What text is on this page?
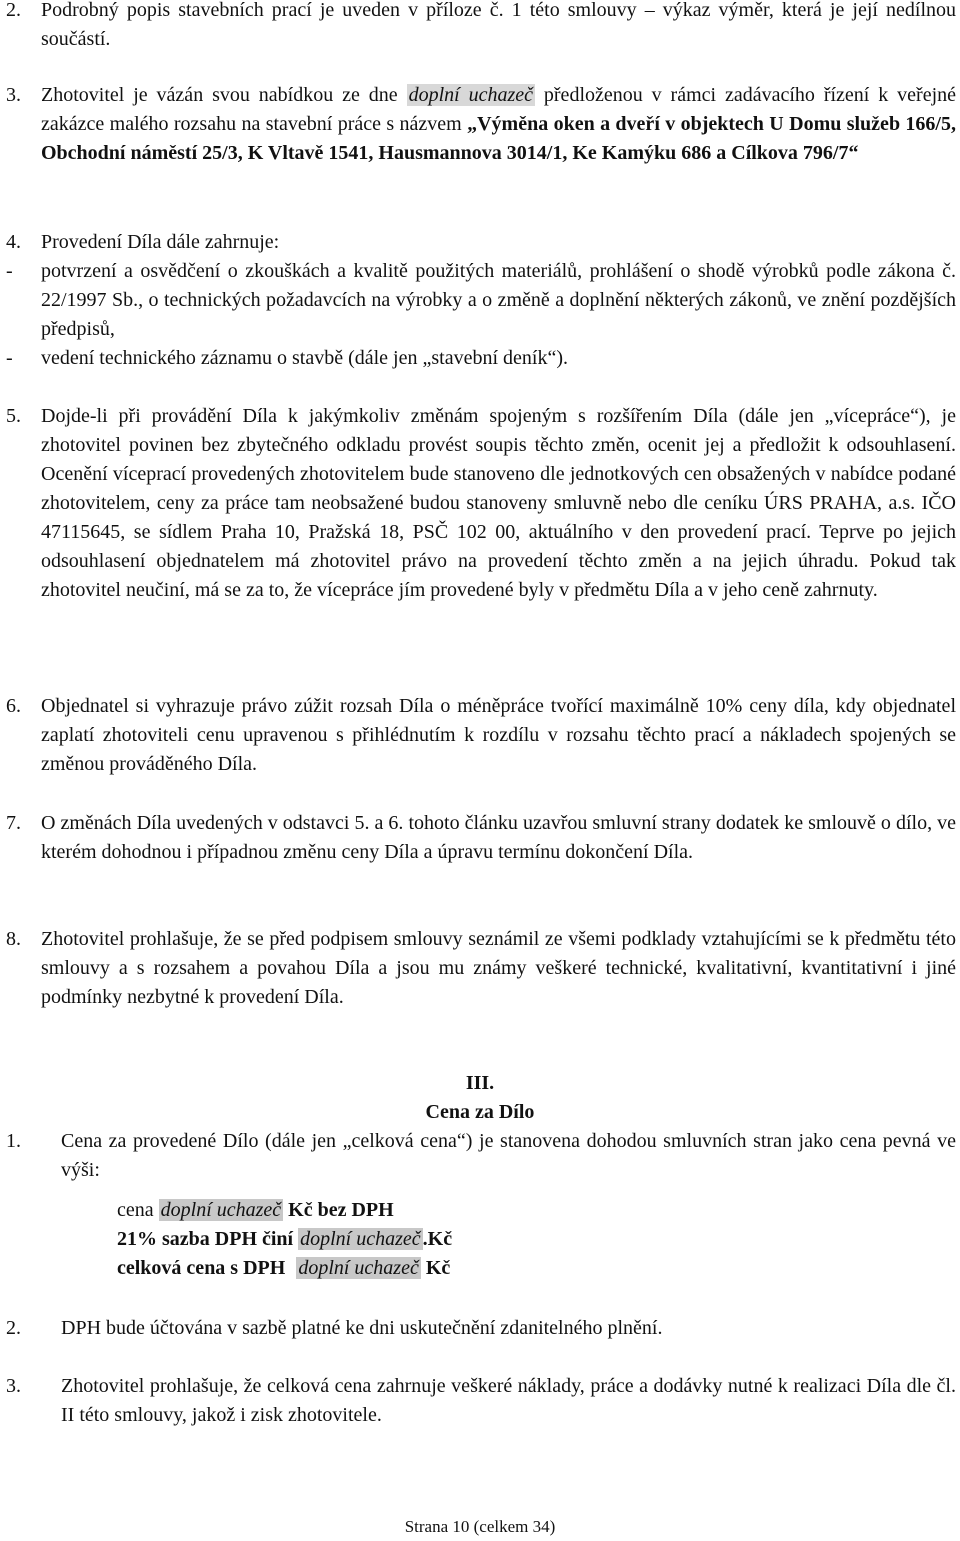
2. Podrobný popis stavebních prací je uveden v příloze č. 1 této smlouvy – výkaz výměr, která je její nedílnou součástí.
3. Zhotovitel je vázán svou nabídkou ze dne doplní uchazeč předloženou v rámci zadávacího řízení k veřejné zakázce malého rozsahu na stavební práce s názvem „Výměna oken a dveří v objektech U Domu služeb 166/5, Obchodní náměstí 25/3, K Vltavě 1541, Hausmannova 3014/1, Ke Kamýku 686 a Cílkova 796/7“
4. Provedení Díla dále zahrnuje:
- potvrzení a osvědčení o zkouškách a kvalitě použitých materiálů, prohlášení o shodě výrobků podle zákona č. 22/1997 Sb., o technických požadavcích na výrobky a o změně a doplnění některých zákonů, ve znění pozdějších předpisů,
- vedení technického záznamu o stavbě (dále jen „stavební deník“).
5. Dojde-li při provádění Díla k jakýmkoliv změnám spojeným s rozšířením Díla (dále jen „vícepráce“), je zhotovitel povinen bez zbytečného odkladu provést soupis těchto změn, ocenit jej a předložit k odsouhlasení. Ocenění víceprací provedených zhotovitelem bude stanoveno dle jednotkových cen obsažených v nabídce podané zhotovitelem, ceny za práce tam neobsažené budou stanoveny smluvně nebo dle ceníku ÚRS PRAHA, a.s. IČO 47115645, se sídlem Praha 10, Pražská 18, PSČ 102 00, aktuálního v den provedení prací. Teprve po jejich odsouhlasení objednatelem má zhotovitel právo na provedení těchto změn a na jejich úhradu. Pokud tak zhotovitel neučiní, má se za to, že vícepráce jím provedené byly v předmětu Díla a v jeho ceně zahrnuty.
6. Objednatel si vyhrazuje právo zúžit rozsah Díla o méněpráce tvořící maximálně 10% ceny díla, kdy objednatel zaplatí zhotoviteli cenu upravenou s přihlédnutím k rozdílu v rozsahu těchto prací a nákladech spojených se změnou prováděného Díla.
7. O změnách Díla uvedených v odstavci 5. a 6. tohoto článku uzavřou smluvní strany dodatek ke smlouvě o dílo, ve kterém dohodnou i případnou změnu ceny Díla a úpravu termínu dokončení Díla.
8. Zhotovitel prohlašuje, že se před podpisem smlouvy seznámil ze všemi podklady vztahujícími se k předmětu této smlouvy a s rozsahem a povahou Díla a jsou mu známy veškeré technické, kvalitativní, kvantitativní i jiné podmínky nezbytné k provedení Díla.
III.
Cena za Dílo
1. Cena za provedené Dílo (dále jen „celková cena“) je stanovena dohodou smluvních stran jako cena pevná ve výši:
cena doplní uchazeč Kč bez DPH
21% sazba DPH činí doplní uchazeč .Kč
celková cena s DPH doplní uchazeč Kč
2. DPH bude účtována v sazbě platné ke dni uskutečnění zdanitelného plnění.
3. Zhotovitel prohlašuje, že celková cena zahrnuje veškeré náklady, práce a dodávky nutné k realizaci Díla dle čl. II této smlouvy, jakož i zisk zhotovitele.
Strana 10 (celkem 34)
